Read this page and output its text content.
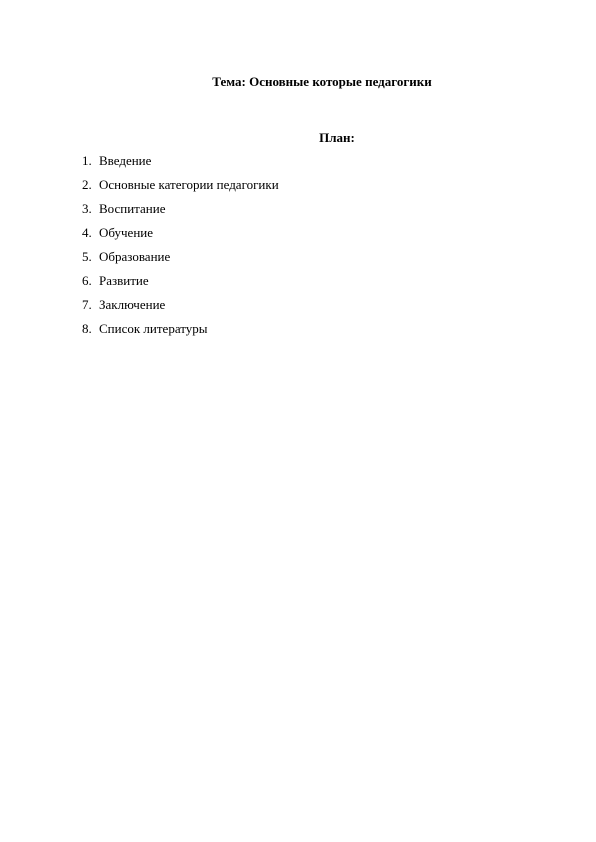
Тема: Основные которые педагогики
План:
1. Введение
2. Основные категории педагогики
3. Воспитание
4. Обучение
5. Образование
6. Развитие
7. Заключение
8. Список литературы
